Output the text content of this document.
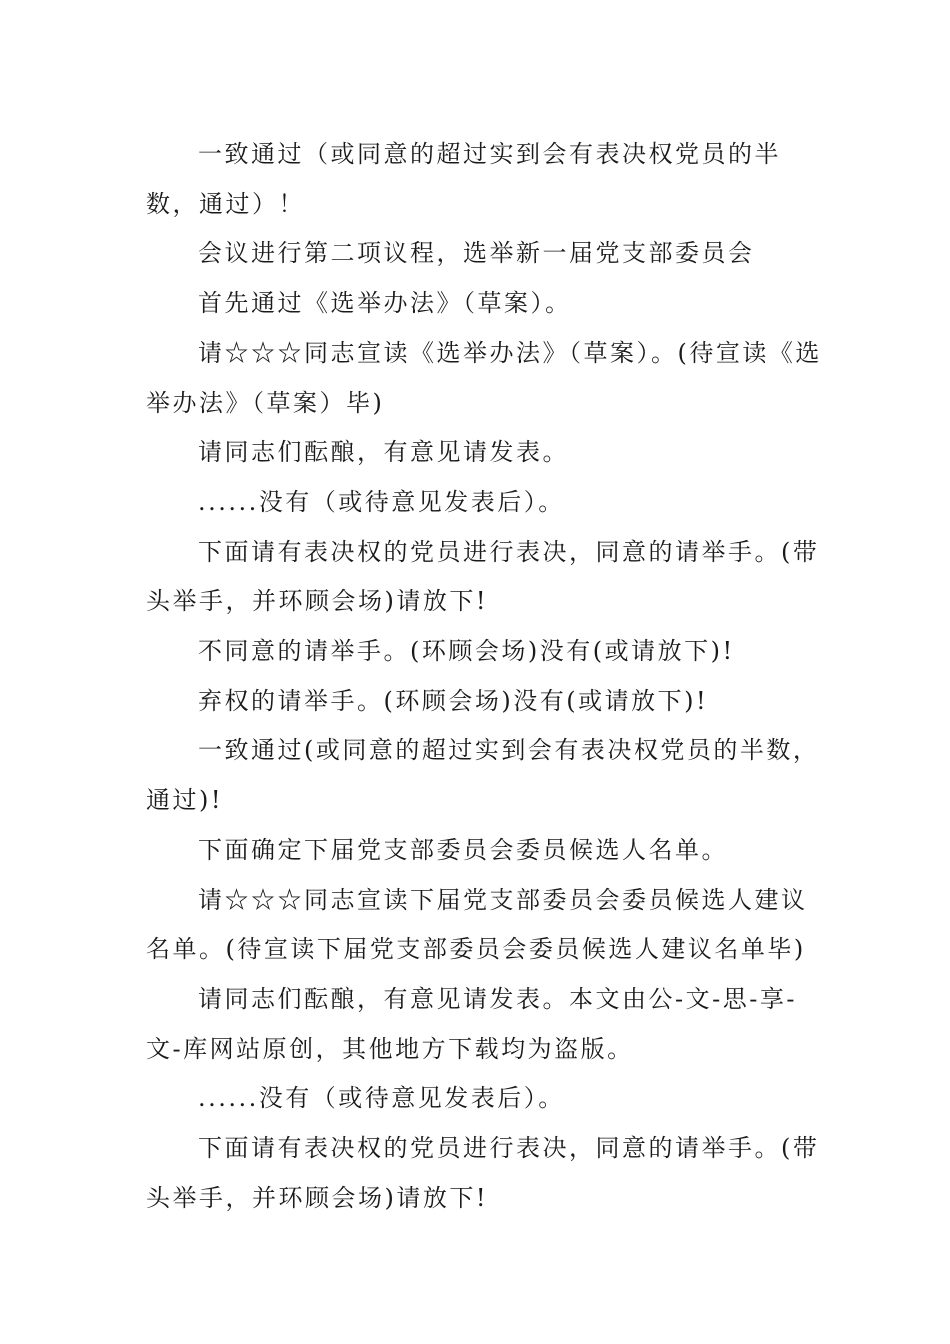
一致通过（或同意的超过实到会有表决权党员的半数，通过）！

会议进行第二项议程，选举新一届党支部委员会

首先通过《选举办法》（草案）。

请☆☆☆同志宣读《选举办法》（草案）。(待宣读《选举办法》（草案）毕)

请同志们酝酿，有意见请发表。

......没有（或待意见发表后）。

下面请有表决权的党员进行表决，同意的请举手。(带头举手，并环顾会场)请放下!

不同意的请举手。(环顾会场)没有(或请放下)!

弃权的请举手。(环顾会场)没有(或请放下)!

一致通过(或同意的超过实到会有表决权党员的半数，通过)!

下面确定下届党支部委员会委员候选人名单。

请☆☆☆同志宣读下届党支部委员会委员候选人建议名单。(待宣读下届党支部委员会委员候选人建议名单毕)

请同志们酝酿，有意见请发表。本文由公-文-思-享-文-库网站原创，其他地方下载均为盗版。

......没有（或待意见发表后）。

下面请有表决权的党员进行表决，同意的请举手。(带头举手，并环顾会场)请放下!
